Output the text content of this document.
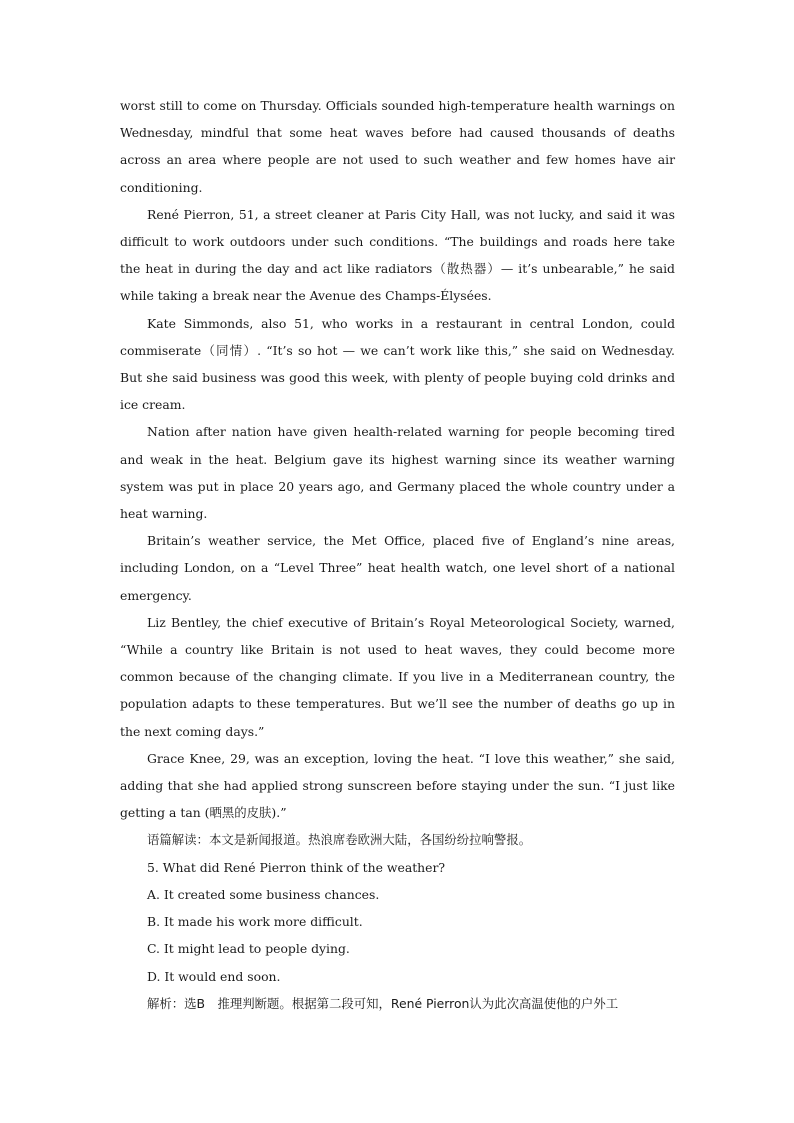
worst still to come on Thursday. Officials sounded high-temperature health warnings on Wednesday, mindful that some heat waves before had caused thousands of deaths across an area where people are not used to such weather and few homes have air conditioning.

René Pierron, 51, a street cleaner at Paris City Hall, was not lucky, and said it was difficult to work outdoors under such conditions. “The buildings and roads here take the heat in during the day and act like radiators（散热器）— it’s unbearable,” he said while taking a break near the Avenue des Champs-Élysées.

Kate Simmonds, also 51, who works in a restaurant in central London, could commiserate（同情）. “It’s so hot — we can’t work like this,” she said on Wednesday. But she said business was good this week, with plenty of people buying cold drinks and ice cream.

Nation after nation have given health-related warning for people becoming tired and weak in the heat. Belgium gave its highest warning since its weather warning system was put in place 20 years ago, and Germany placed the whole country under a heat warning.

Britain’s weather service, the Met Office, placed five of England’s nine areas, including London, on a “Level Three” heat health watch, one level short of a national emergency.

Liz Bentley, the chief executive of Britain’s Royal Meteorological Society, warned, “While a country like Britain is not used to heat waves, they could become more common because of the changing climate. If you live in a Mediterranean country, the population adapts to these temperatures. But we’ll see the number of deaths go up in the next coming days.”

Grace Knee, 29, was an exception, loving the heat. “I love this weather,” she said, adding that she had applied strong sunscreen before staying under the sun. “I just like getting a tan (晒黑的皮肤).”

语篇解读：本文是新闻报道。热浪席卷欧洲大陆，各国纷纷拉响警报。

5. What did René Pierron think of the weather?

A. It created some business chances.

B. It made his work more difficult.

C. It might lead to people dying.

D. It would end soon.

解析：选B　推理判断题。根据第二段可知，René Pierron认为此次高温使他的户外工
